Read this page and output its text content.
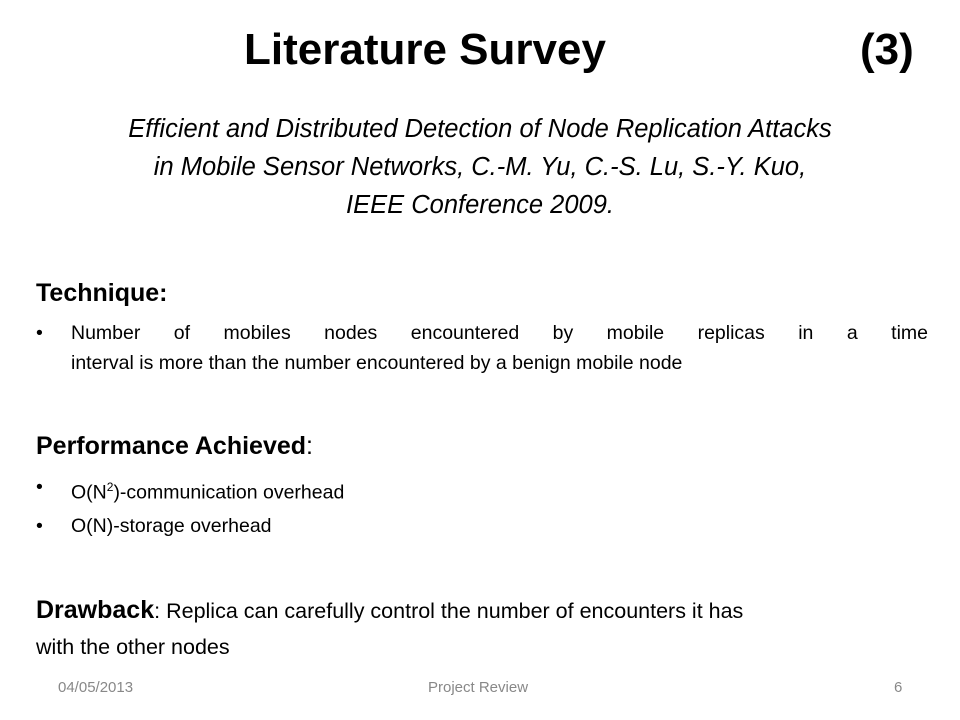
Literature Survey	(3)
Efficient and Distributed Detection of Node Replication Attacks
in Mobile Sensor Networks, C.-M. Yu, C.-S. Lu, S.-Y. Kuo,
IEEE Conference 2009.
Technique:
•	Number of mobiles nodes encountered by mobile replicas in a time
interval is more than the number encountered by a benign mobile node
Performance Achieved:
•	$O(N^2)$-communication overhead
•	O(N)-storage overhead
Drawback: Replica can carefully control the number of encounters it has
with the other nodes
04/05/2013	Project Review	6
